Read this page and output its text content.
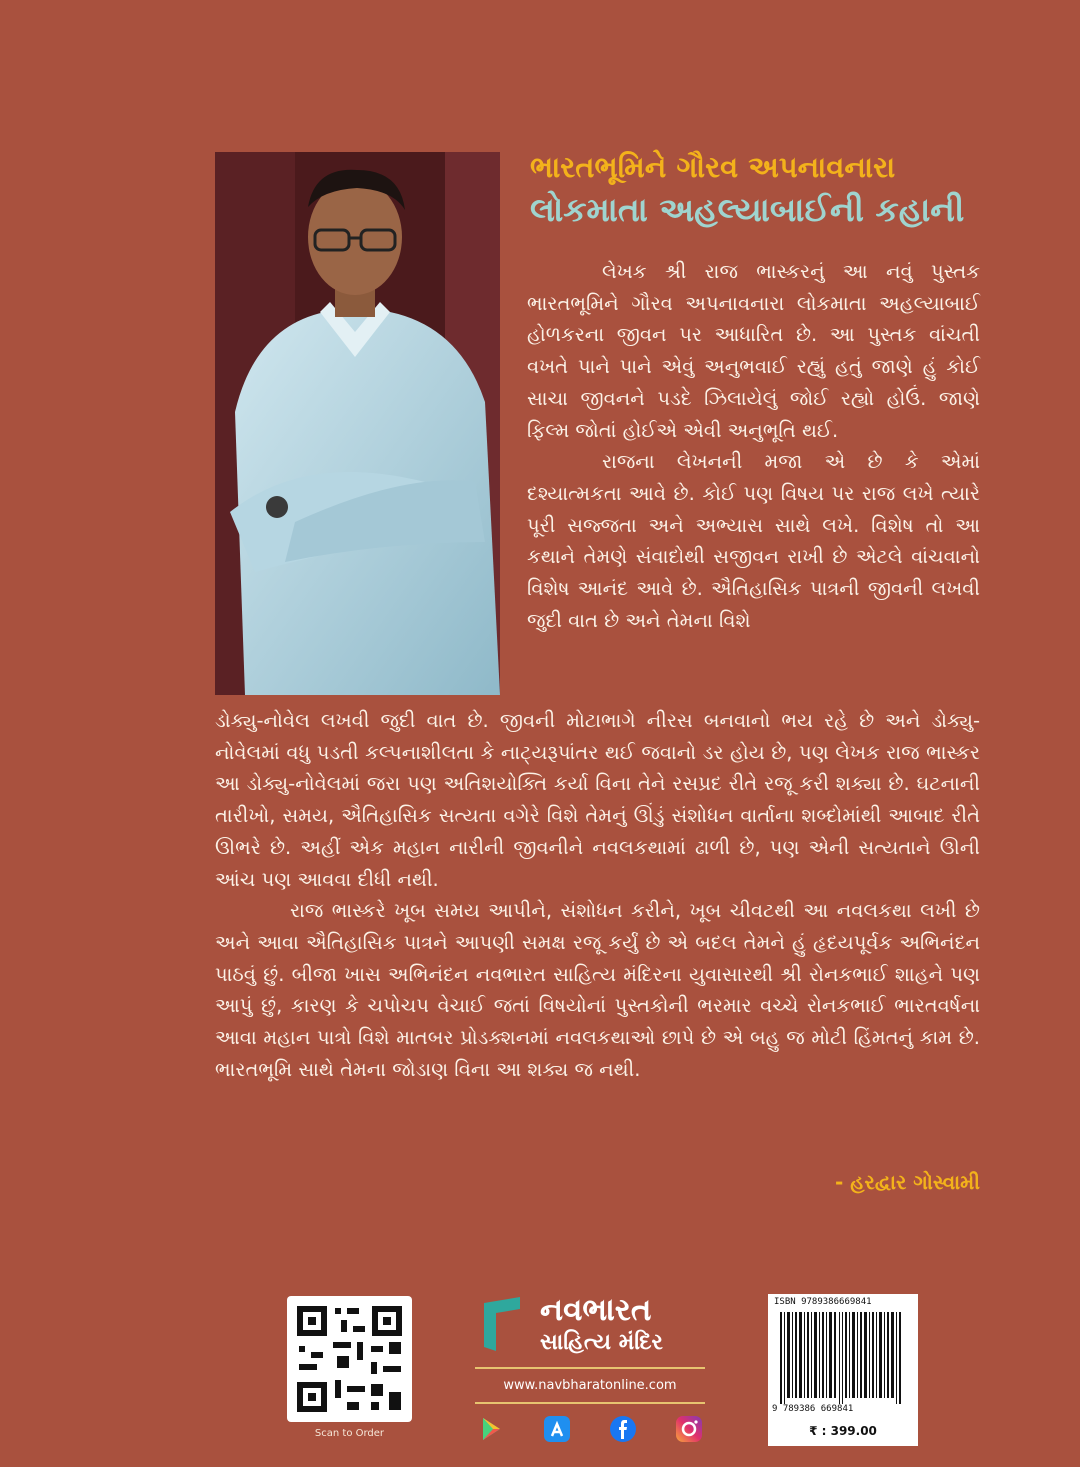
ભારતભૂમિને ગૌરવ અપનાવનારા
લોકમાતા અહલ્યાબાઈની કહાની

લેખક શ્રી રાજ ભાસ્કરનું આ નવું પુસ્તક ભારતભૂમિને ગૌરવ અપનાવનારા લોકમાતા અહલ્યાબાઈ હોળકરના જીવન પર આધારિત છે. આ પુસ્તક વાંચતી વખતે પાને પાને એવું અનુભવાઈ રહ્યું હતું જાણે હું કોઈ સાચા જીવનને પડદે ઝિલાયેલું જોઈ રહ્યો હોઉં. જાણે ફિલ્મ જોતાં હોઈએ એવી અનુભૂતિ થઈ.

રાજના લેખનની મજા એ છે કે એમાં દશ્યાત્મકતા આવે છે. કોઈ પણ વિષય પર રાજ લખે ત્યારે પૂરી સજ્જતા અને અભ્યાસ સાથે લખે. વિશેષ તો આ કથાને તેમણે સંવાદોથી સજીવન રાખી છે એટલે વાંચવાનો વિશેષ આનંદ આવે છે. ઐતિહાસિક પાત્રની જીવની લખવી જુદી વાત છે અને તેમના વિશે

ડોક્યુ-નોવેલ લખવી જુદી વાત છે. જીવની મોટાભાગે નીરસ બનવાનો ભય રહે છે અને ડોક્યુ-નોવેલમાં વધુ પડતી કલ્પનાશીલતા કે નાટ્યરૂપાંતર થઈ જવાનો ડર હોય છે, પણ લેખક રાજ ભાસ્કર આ ડોક્યુ-નોવેલમાં જરા પણ અતિશયોક્તિ કર્યા વિના તેને રસપ્રદ રીતે રજૂ કરી શક્યા છે. ઘટનાની તારીખો, સમય, ઐતિહાસિક સત્યતા વગેરે વિશે તેમનું ઊંડું સંશોધન વાર્તાના શબ્દોમાંથી આબાદ રીતે ઊભરે છે. અહીં એક મહાન નારીની જીવનીને નવલકથામાં ઢાળી છે, પણ એની સત્યતાને ઊની આંચ પણ આવવા દીધી નથી.

રાજ ભાસ્કરે ખૂબ સમય આપીને, સંશોધન કરીને, ખૂબ ચીવટથી આ નવલકથા લખી છે અને આવા ઐતિહાસિક પાત્રને આપણી સમક્ષ રજૂ કર્યું છે એ બદલ તેમને હું હૃદયપૂર્વક અભિનંદન પાઠવું છું. બીજા ખાસ અભિનંદન નવભારત સાહિત્ય મંદિરના યુવાસારથી શ્રી રોનકભાઈ શાહને પણ આપું છું, કારણ કે ચપોચપ વેચાઈ જતાં વિષયોનાં પુસ્તકોની ભરમાર વચ્ચે રોનકભાઈ ભારતવર્ષના આવા મહાન પાત્રો વિશે માતબર પ્રોડક્શનમાં નવલકથાઓ છાપે છે એ બહુ જ મોટી હિંમતનું કામ છે. ભારતભૂમિ સાથે તેમના જોડાણ વિના આ શક્ય જ નથી.

- હરદ્વાર ગોસ્વામી
Scan to Order
નવભારત
સાહિત્ય મંદિર
www.navbharatonline.com
ISBN 9789386669841
9 789386 669841
₹ : 399.00
